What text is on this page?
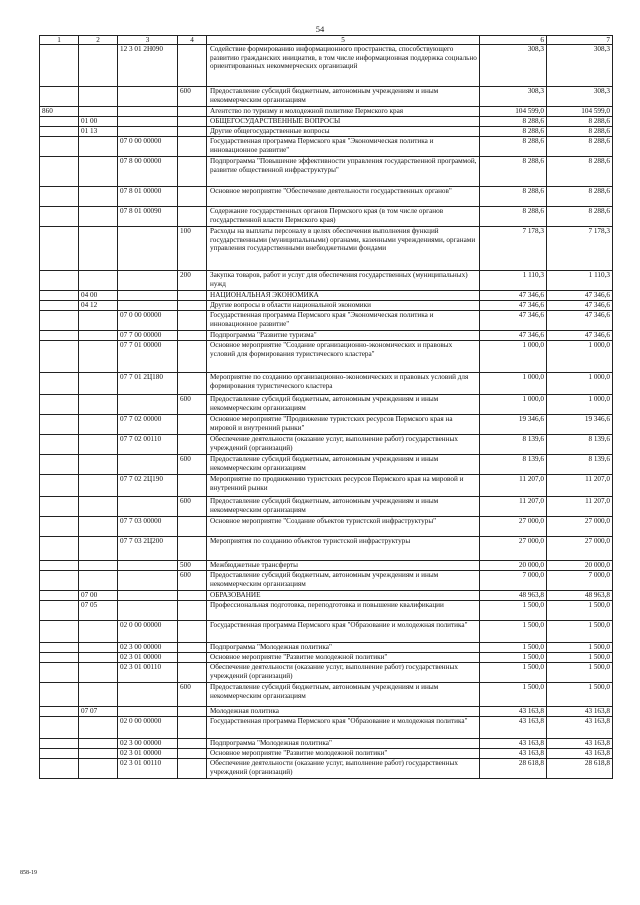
54
1	2	3	4	5	6	7
		12 3 01 2Н090		Содействие формированию информационного пространства, способствующего развитию гражданских инициатив, в том числе информационная поддержка социально ориентированных некоммерческих организаций	308,3	308,3
			600	Предоставление субсидий бюджетным, автономным учреждениям и иным некоммерческим организациям	308,3	308,3
860				Агентство по туризму и молодежной политике Пермского края	104 599,0	104 599,0
	01 00			ОБЩЕГОСУДАРСТВЕННЫЕ ВОПРОСЫ	8 288,6	8 288,6
	01 13			Другие общегосударственные вопросы	8 288,6	8 288,6
		07 0 00 00000		Государственная программа Пермского края "Экономическая политика и инновационное развитие"	8 288,6	8 288,6
		07 8 00 00000		Подпрограмма "Повышение эффективности управления государственной программой, развитие общественной инфраструктуры"	8 288,6	8 288,6
		07 8 01 00000		Основное мероприятие "Обеспечение деятельности государственных органов"	8 288,6	8 288,6
		07 8 01 00090		Содержание государственных органов Пермского края (в том числе органов государственной власти Пермского края)	8 288,6	8 288,6
			100	Расходы на выплаты персоналу в целях обеспечения выполнения функций государственными (муниципальными) органами, казенными учреждениями, органами управления государственными внебюджетными фондами	7 178,3	7 178,3
			200	Закупка товаров, работ и услуг для обеспечения государственных (муниципальных) нужд	1 110,3	1 110,3
	04 00			НАЦИОНАЛЬНАЯ ЭКОНОМИКА	47 346,6	47 346,6
	04 12			Другие вопросы в области национальной экономики	47 346,6	47 346,6
		07 0 00 00000		Государственная программа Пермского края "Экономическая политика и инновационное развитие"	47 346,6	47 346,6
		07 7 00 00000		Подпрограмма "Развитие туризма"	47 346,6	47 346,6
		07 7 01 00000		Основное мероприятие "Создание организационно-экономических и правовых условий для формирования туристического кластера"	1 000,0	1 000,0
		07 7 01 2Ц180		Мероприятие по созданию организационно-экономических и правовых условий для формирования туристического кластера	1 000,0	1 000,0
			600	Предоставление субсидий бюджетным, автономным учреждениям и иным некоммерческим организациям	1 000,0	1 000,0
		07 7 02 00000		Основное мероприятие "Продвижение туристских ресурсов Пермского края на мировой и внутренний рынки"	19 346,6	19 346,6
		07 7 02 00110		Обеспечение деятельности (оказание услуг, выполнение работ) государственных учреждений (организаций)	8 139,6	8 139,6
			600	Предоставление субсидий бюджетным, автономным учреждениям и иным некоммерческим организациям	8 139,6	8 139,6
		07 7 02 2Ц190		Мероприятие по продвижению туристских ресурсов Пермского края на мировой и внутренний рынки	11 207,0	11 207,0
			600	Предоставление субсидий бюджетным, автономным учреждениям и иным некоммерческим организациям	11 207,0	11 207,0
		07 7 03 00000		Основное мероприятие "Создание объектов туристской инфраструктуры"	27 000,0	27 000,0
		07 7 03 2Ц200		Мероприятия по созданию объектов туристской инфраструктуры	27 000,0	27 000,0
			500	Межбюджетные трансферты	20 000,0	20 000,0
			600	Предоставление субсидий бюджетным, автономным учреждениям и иным некоммерческим организациям	7 000,0	7 000,0
	07 00			ОБРАЗОВАНИЕ	48 963,8	48 963,8
	07 05			Профессиональная подготовка, переподготовка и повышение квалификации	1 500,0	1 500,0
		02 0 00 00000		Государственная программа Пермского края "Образование и молодежная политика"	1 500,0	1 500,0
		02 3 00 00000		Подпрограмма "Молодежная политика"	1 500,0	1 500,0
		02 3 01 00000		Основное мероприятие "Развитие молодежной политики"	1 500,0	1 500,0
		02 3 01 00110		Обеспечение деятельности (оказание услуг, выполнение работ) государственных учреждений (организаций)	1 500,0	1 500,0
			600	Предоставление субсидий бюджетным, автономным учреждениям и иным некоммерческим организациям	1 500,0	1 500,0
	07 07			Молодежная политика	43 163,8	43 163,8
		02 0 00 00000		Государственная программа Пермского края "Образование и молодежная политика"	43 163,8	43 163,8
		02 3 00 00000		Подпрограмма "Молодежная политика"	43 163,8	43 163,8
		02 3 01 00000		Основное мероприятие "Развитие молодежной политики"	43 163,8	43 163,8
		02 3 01 00110		Обеспечение деятельности (оказание услуг, выполнение работ) государственных учреждений (организаций)	28 618,8	28 618,8
858-19
